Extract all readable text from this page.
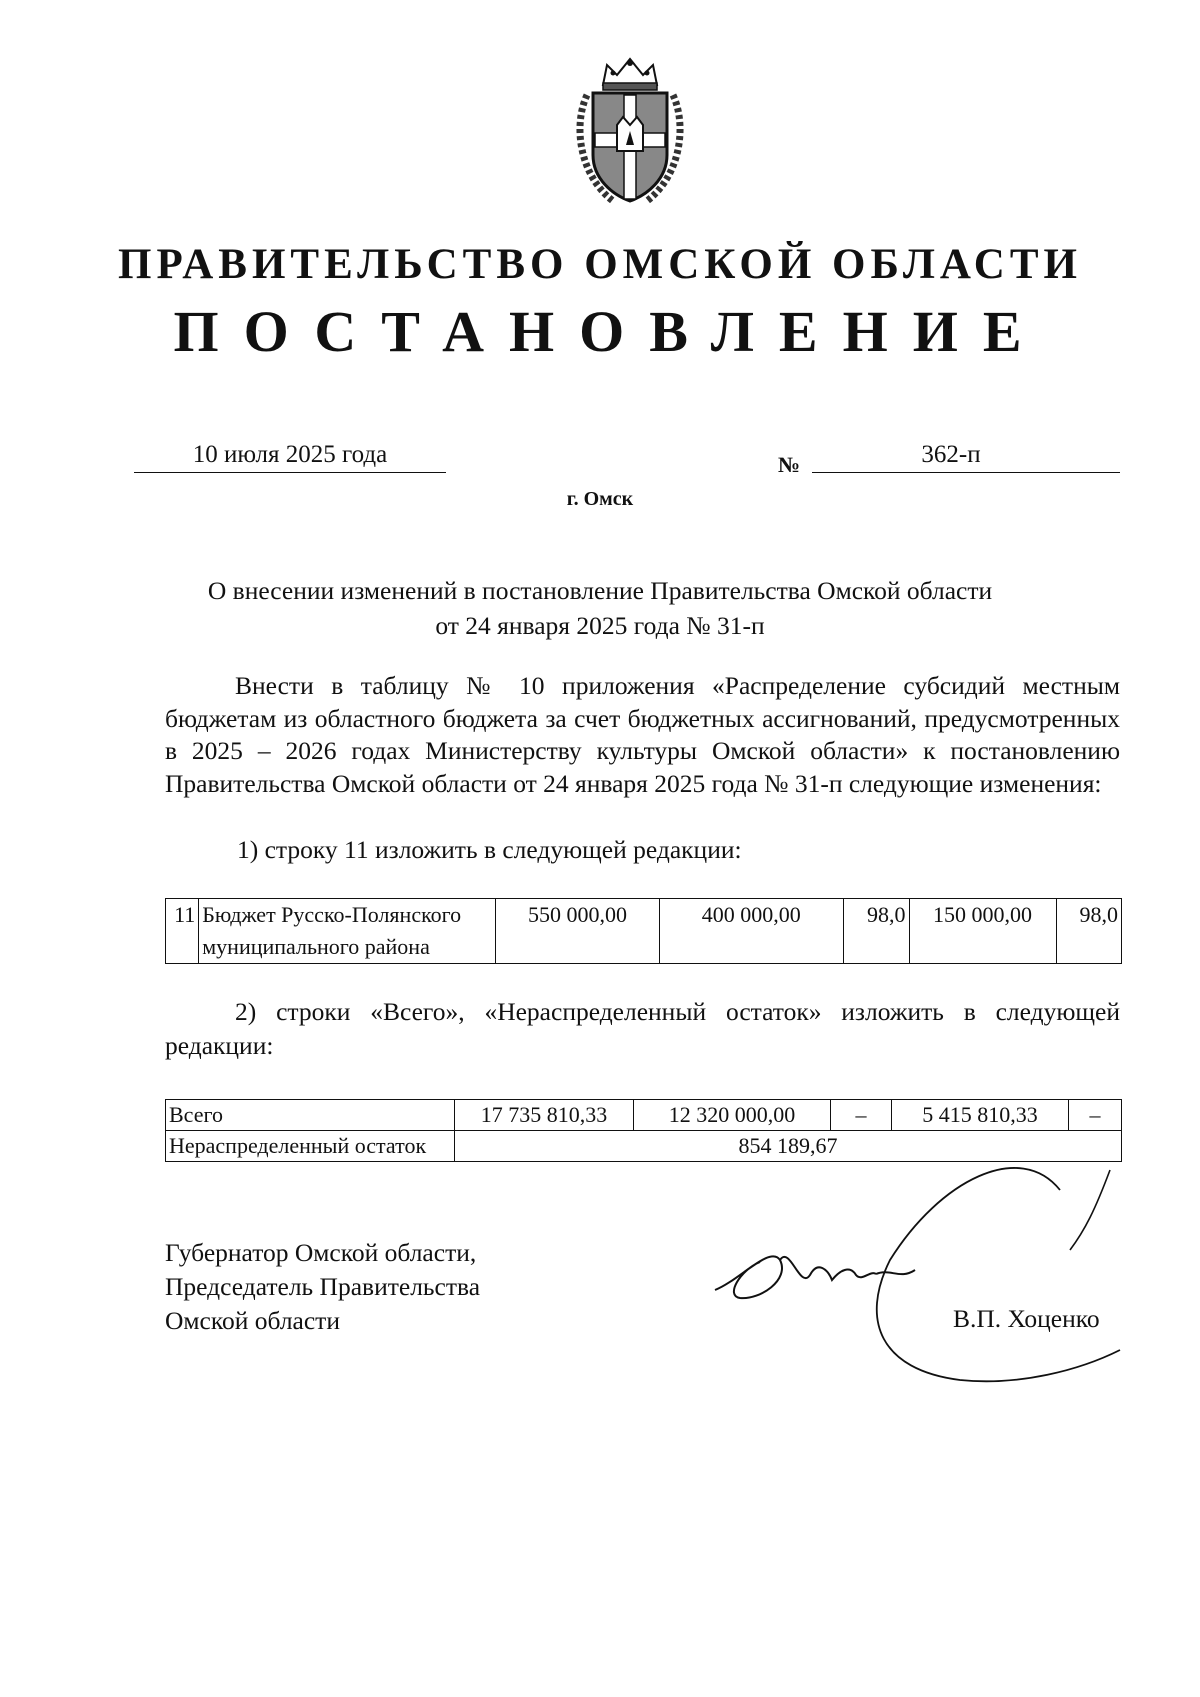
ПРАВИТЕЛЬСТВО ОМСКОЙ ОБЛАСТИ
ПОСТАНОВЛЕНИЕ
10 июля 2025 года	№	362-п
г. Омск
О внесении изменений в постановление Правительства Омской области
от 24 января 2025 года № 31-п

Внести в таблицу № 10 приложения «Распределение субсидий местным бюджетам из областного бюджета за счет бюджетных ассигнований, предусмотренных в 2025 – 2026 годах Министерству культуры Омской области» к постановлению Правительства Омской области от 24 января 2025 года № 31-п следующие изменения:

1) строку 11 изложить в следующей редакции:
11	Бюджет Русско-Полянского муниципального района	550 000,00	400 000,00	98,0	150 000,00	98,0
2) строки «Всего», «Нераспределенный остаток» изложить в следующей редакции:
Всего	17 735 810,33	12 320 000,00	–	5 415 810,33	–
Нераспределенный остаток	854 189,67				
Губернатор Омской области,
Председатель Правительства
Омской области	В.П. Хоценко
